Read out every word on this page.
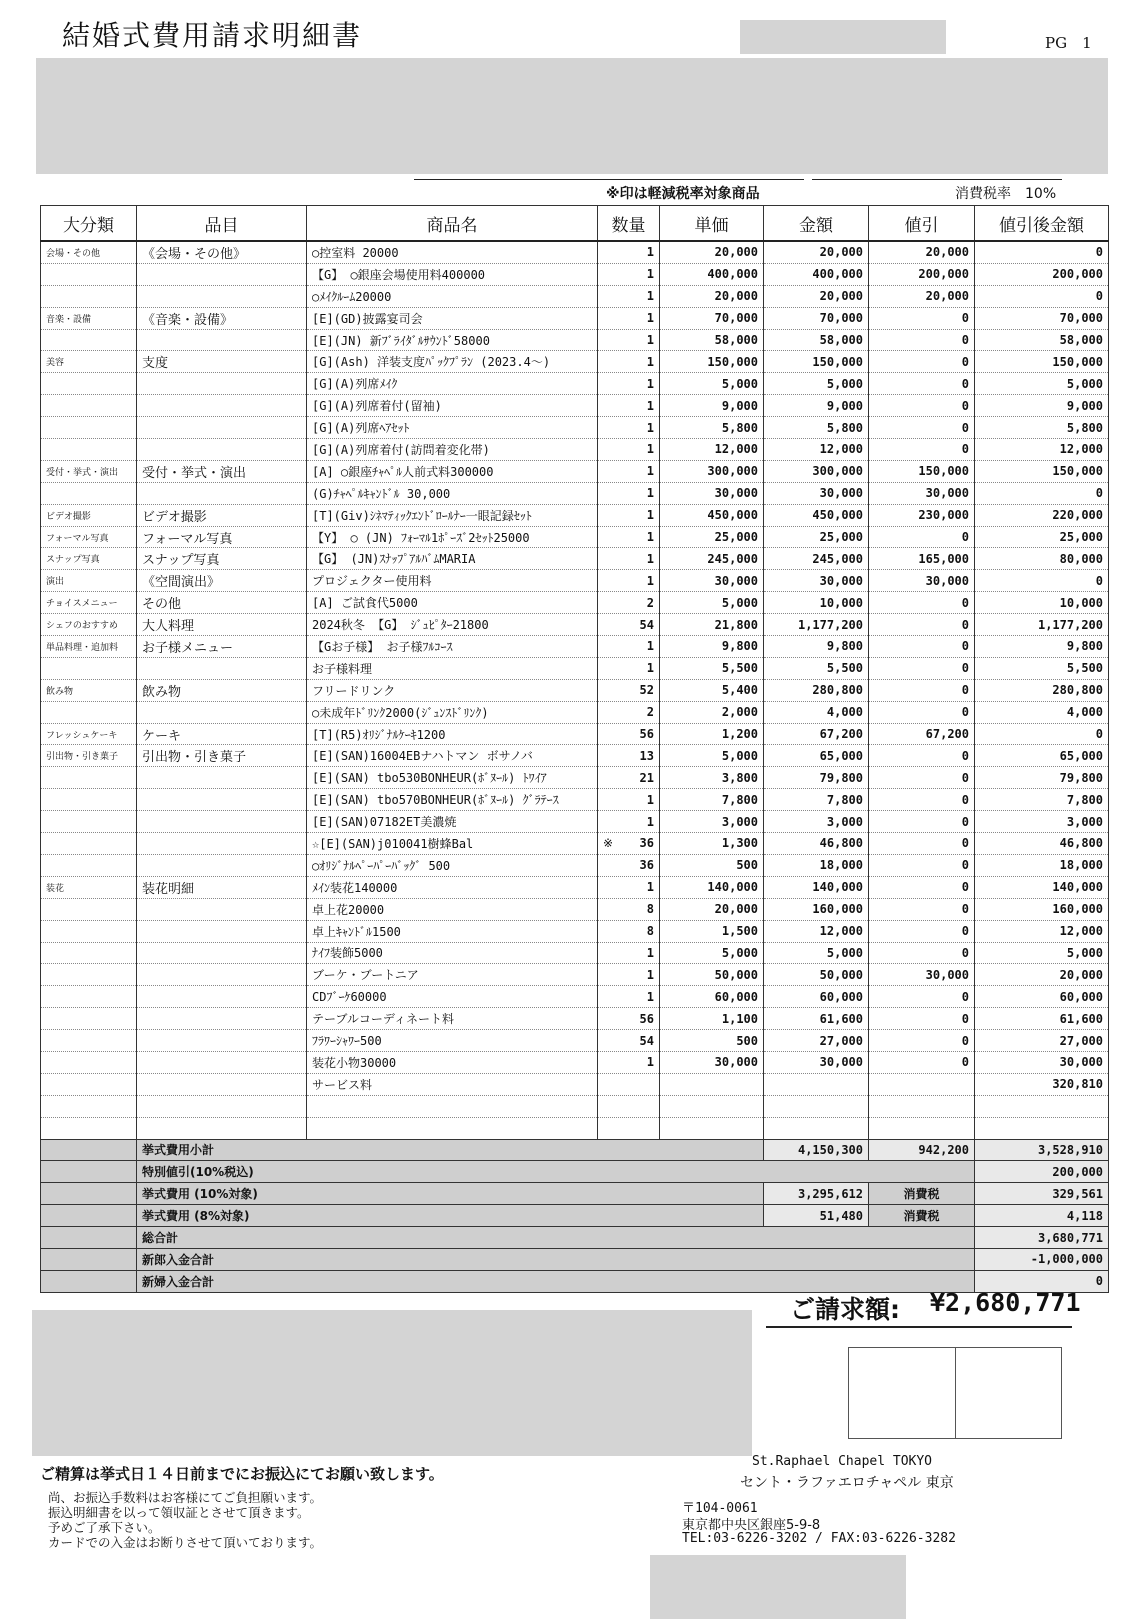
結婚式費用請求明細書	PG　1
※印は軽減税率対象商品	消費税率　10%
大分類	品目	商品名	数量	単価	金額	値引	値引後金額
会場・その他	《会場・その他》	○控室料 20000	1	20,000	20,000	20,000	0
		【G】 ○銀座会場使用料400000	1	400,000	400,000	200,000	200,000
		○ﾒｲｸﾙｰﾑ20000	1	20,000	20,000	20,000	0
音楽・設備	《音楽・設備》	[E](GD)披露宴司会	1	70,000	70,000	0	70,000
		[E](JN) 新ﾌﾞﾗｲﾀﾞﾙｻｳﾝﾄﾞ58000	1	58,000	58,000	0	58,000
美容	支度	[G](Ash) 洋装支度ﾊﾟｯｸﾌﾟﾗﾝ (2023.4～)	1	150,000	150,000	0	150,000
		[G](A)列席ﾒｲｸ	1	5,000	5,000	0	5,000
		[G](A)列席着付(留袖)	1	9,000	9,000	0	9,000
		[G](A)列席ﾍｱｾｯﾄ	1	5,800	5,800	0	5,800
		[G](A)列席着付(訪問着変化帯)	1	12,000	12,000	0	12,000
受付・挙式・演出	受付・挙式・演出	[A] ○銀座ﾁｬﾍﾟﾙ人前式料300000	1	300,000	300,000	150,000	150,000
		(G)ﾁｬﾍﾟﾙｷｬﾝﾄﾞﾙ 30,000	1	30,000	30,000	30,000	0
ビデオ撮影	ビデオ撮影	[T](Giv)ｼﾈﾏﾃｨｯｸｴﾝﾄﾞﾛｰﾙﾅｰ一眼記録ｾｯﾄ	1	450,000	450,000	230,000	220,000
フォーマル写真	フォーマル写真	【Y】 ○ (JN) ﾌｫｰﾏﾙ1ﾎﾟｰｽﾞ2ｾｯﾄ25000	1	25,000	25,000	0	25,000
スナップ写真	スナップ写真	【G】 (JN)ｽﾅｯﾌﾟｱﾙﾊﾞﾑMARIA	1	245,000	245,000	165,000	80,000
演出	《空間演出》	プロジェクター使用料	1	30,000	30,000	30,000	0
チョイスメニュー	その他	[A] ご試食代5000	2	5,000	10,000	0	10,000
シェフのおすすめ	大人料理	2024秋冬 【G】 ｼﾞｭﾋﾟﾀｰ21800	54	21,800	1,177,200	0	1,177,200
単品料理・追加料	お子様メニュー	【Gお子様】 お子様ﾌﾙｺｰｽ	1	9,800	9,800	0	9,800
		お子様料理	1	5,500	5,500	0	5,500
飲み物	飲み物	フリードリンク	52	5,400	280,800	0	280,800
		○未成年ﾄﾞﾘﾝｸ2000(ｼﾞｭﾝｽﾄﾞﾘﾝｸ)	2	2,000	4,000	0	4,000
フレッシュケーキ	ケーキ	[T](R5)ｵﾘｼﾞﾅﾙｹｰｷ1200	56	1,200	67,200	67,200	0
引出物・引き菓子	引出物・引き菓子	[E](SAN)16004EBナハトマン ボサノバ	13	5,000	65,000	0	65,000
		[E](SAN) tbo530BONHEUR(ﾎﾞﾇｰﾙ) ﾄﾜｲｱ	21	3,800	79,800	0	79,800
		[E](SAN) tbo570BONHEUR(ﾎﾞﾇｰﾙ) ｸﾞﾗﾃｰｽ	1	7,800	7,800	0	7,800
		[E](SAN)07182ET美濃焼	1	3,000	3,000	0	3,000
		☆[E](SAN)j010041樹蜂Bal	※ 36	1,300	46,800	0	46,800
		○ｵﾘｼﾞﾅﾙﾍﾟｰﾊﾟｰﾊﾞｯｸﾞ 500	36	500	18,000	0	18,000
装花	装花明細	ﾒｲﾝ装花140000	1	140,000	140,000	0	140,000
		卓上花20000	8	20,000	160,000	0	160,000
		卓上ｷｬﾝﾄﾞﾙ1500	8	1,500	12,000	0	12,000
		ﾅｲﾌ装飾5000	1	5,000	5,000	0	5,000
		ブーケ・ブートニア	1	50,000	50,000	30,000	20,000
		CDﾌﾞｰｹ60000	1	60,000	60,000	0	60,000
		テーブルコーディネート料	56	1,100	61,600	0	61,600
		ﾌﾗﾜｰｼｬﾜｰ500	54	500	27,000	0	27,000
		装花小物30000	1	30,000	30,000	0	30,000
		サービス料					320,810

	挙式費用小計				4,150,300	942,200	3,528,910
	特別値引(10%税込)						200,000
	挙式費用 (10%対象)				3,295,612	消費税	329,561
	挙式費用 (8%対象)				51,480	消費税	4,118
	総合計						3,680,771
	新郎入金合計						-1,000,000
	新婦入金合計						0
ご請求額: ¥2,680,771
ご精算は挙式日１４日前までにお振込にてお願い致します。
尚、お振込手数料はお客様にてご負担願います。
振込明細書を以って領収証とさせて頂きます。
予めご了承下さい。
カードでの入金はお断りさせて頂いております。
St.Raphael Chapel TOKYO
セント・ラファエロチャペル 東京
〒104-0061
東京都中央区銀座5-9-8
TEL:03-6226-3202 / FAX:03-6226-3282
